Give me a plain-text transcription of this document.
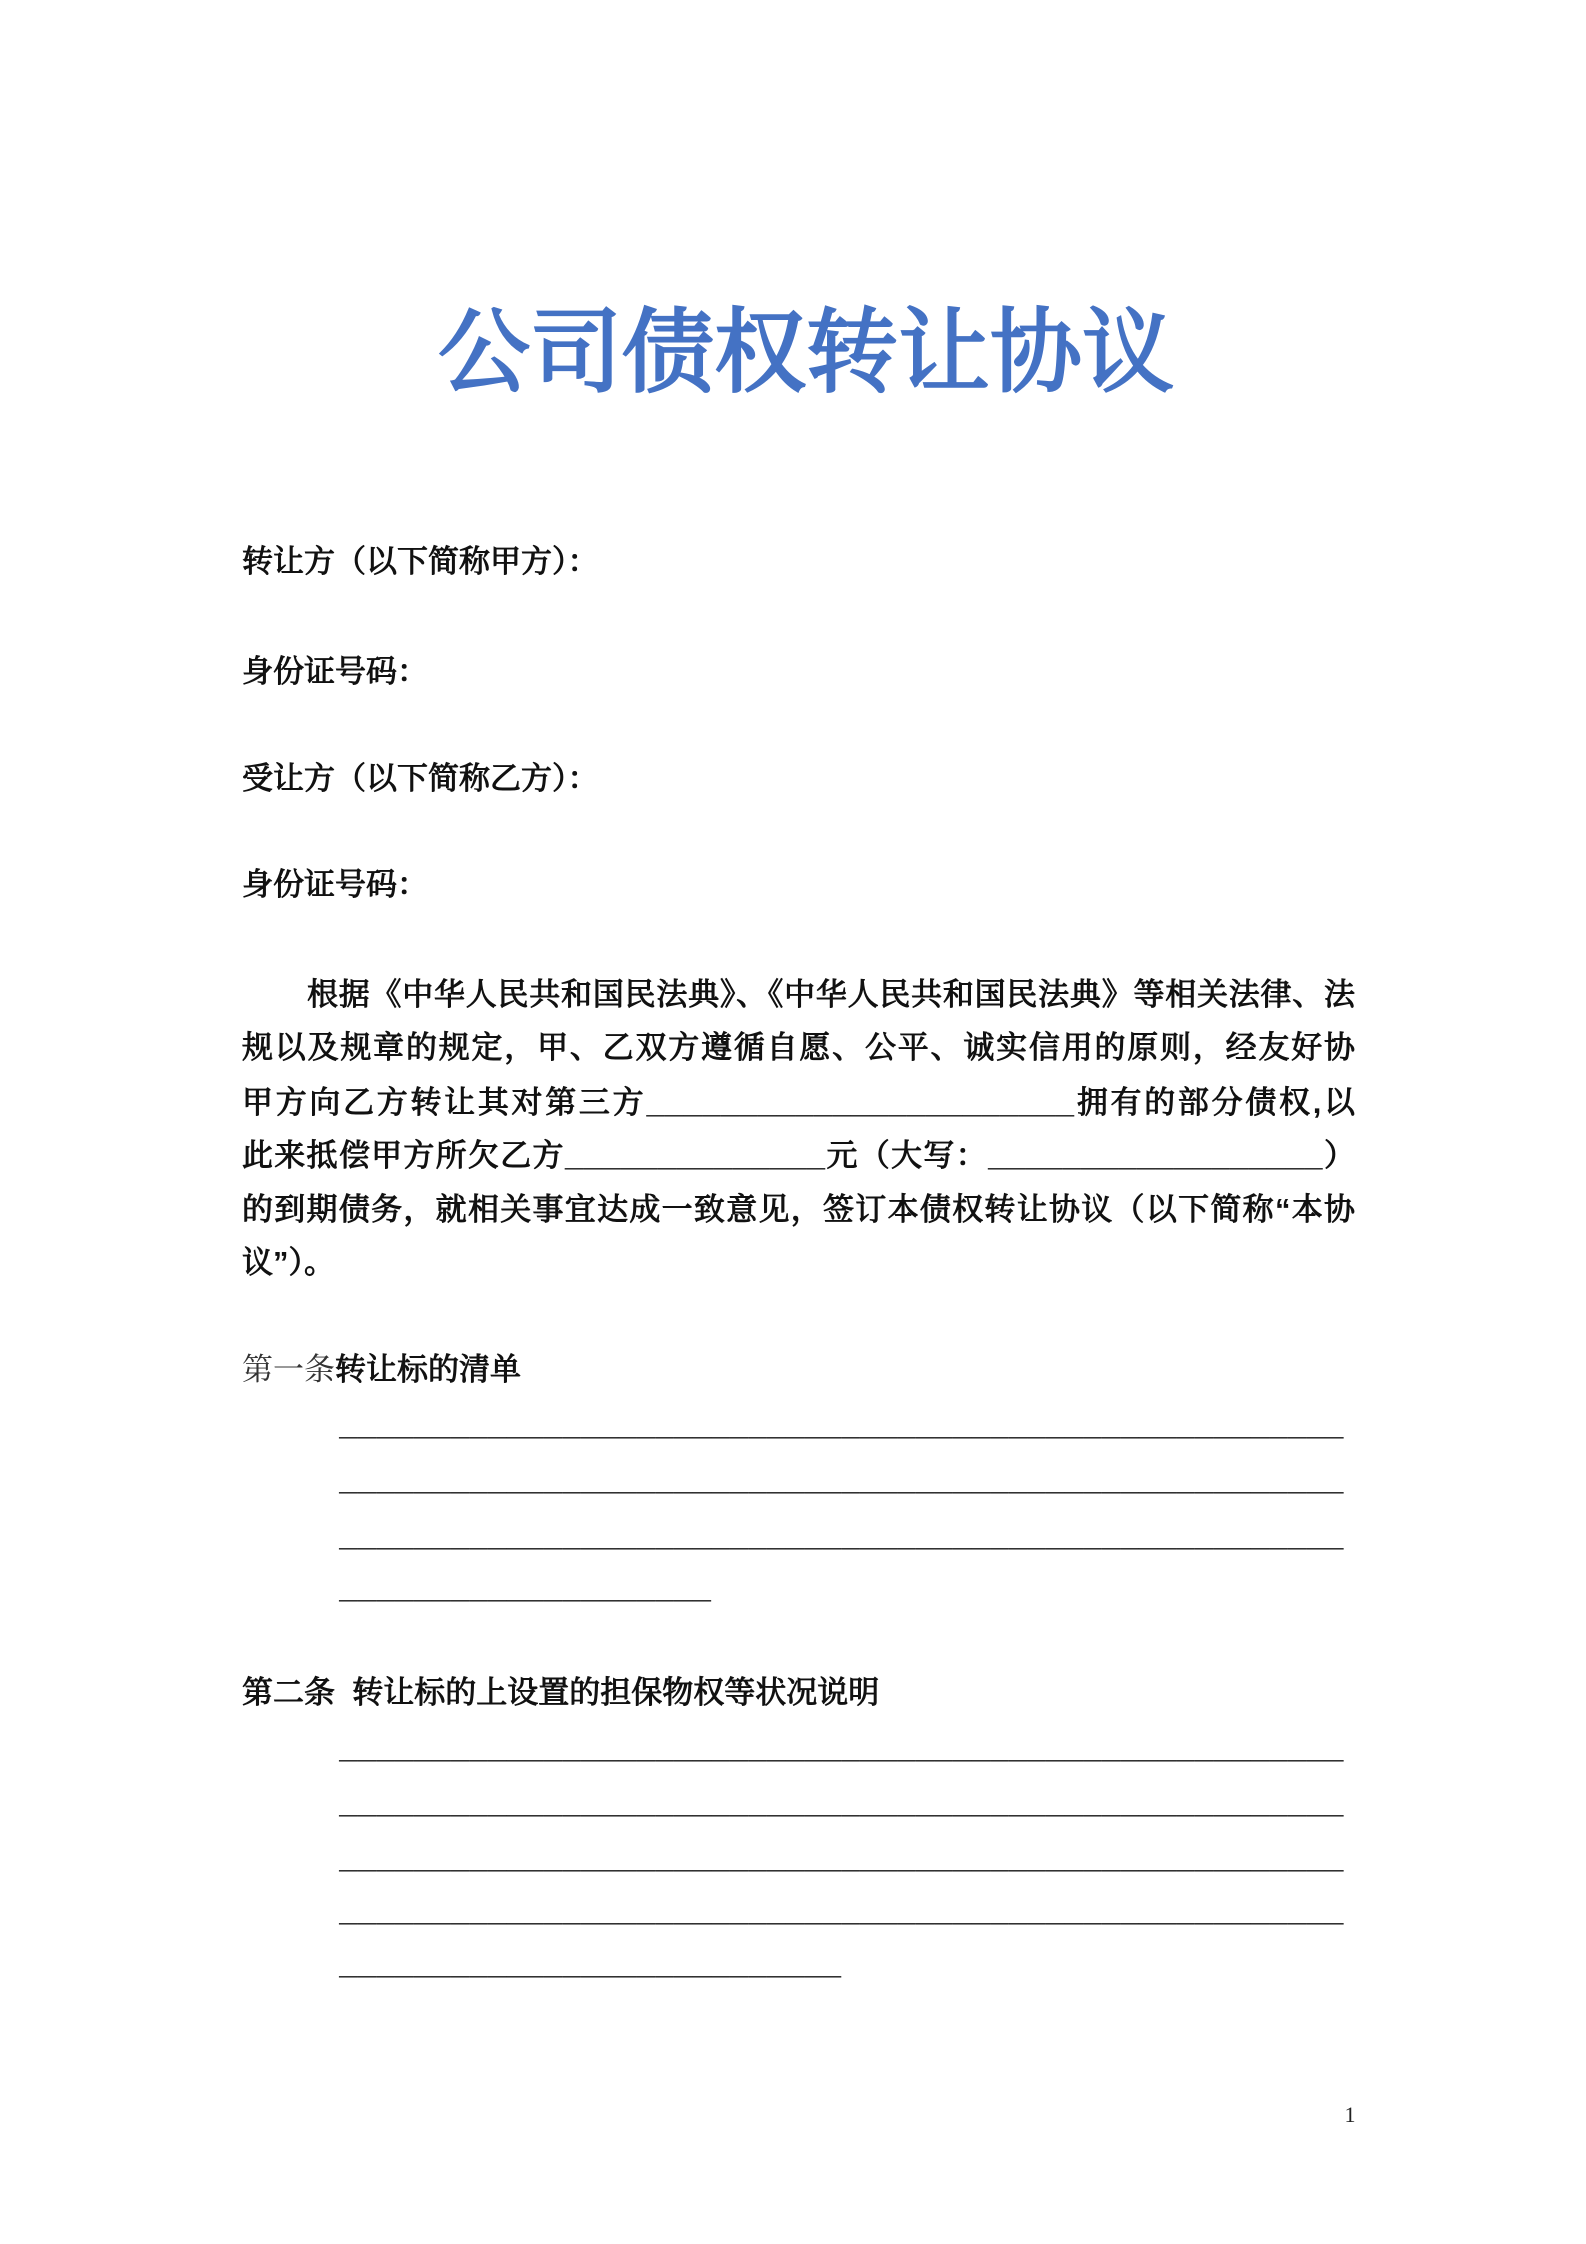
公司债权转让协议
转让方（以下简称甲方）：
身份证号码：
受让方（以下简称乙方）：
身份证号码：
根据《中华人民共和国民法典》、《中华人民共和国民法典》等相关法律、法
规以及规章的规定，甲、乙双方遵循自愿、公平、诚实信用的原则，经友好协
甲方向乙方转让其对第三方_______________________拥有的部分债权,以
此来抵偿甲方所欠乙方______________元（大写：__________________）
的到期债务，就相关事宜达成一致意见，签订本债权转让协议（以下简称“本协
议”）。
第一条转让标的清单
______________________________________________________
______________________________________________________
______________________________________________________
____________________
第二条  转让标的上设置的担保物权等状况说明
______________________________________________________
______________________________________________________
______________________________________________________
______________________________________________________
___________________________
1
